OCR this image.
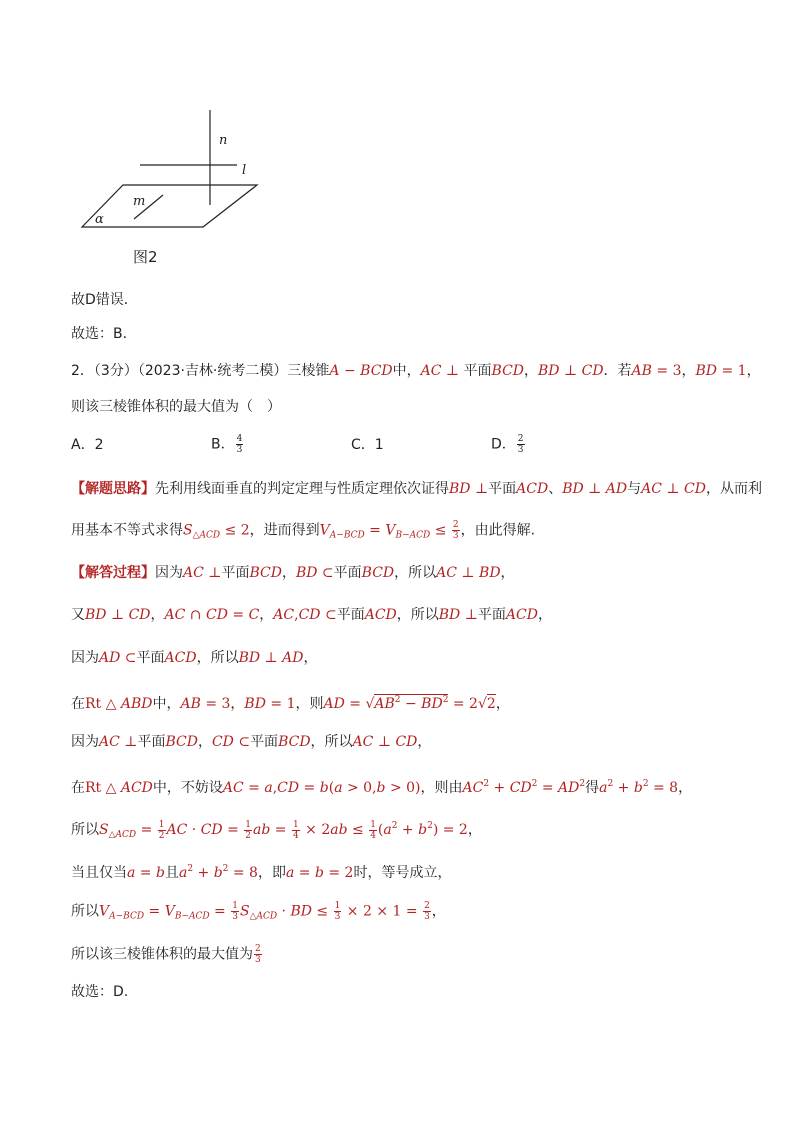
n
l
m
α
图2
故D错误．
故选：B．
2．（3分）（2023·吉林·统考二模）三棱锥A − BCD中，AC ⊥ 平面BCD，BD ⊥ CD．若AB = 3，BD = 1，
则该三棱锥体积的最大值为（　）
A．2	B． $\frac{4}{3}$	C．1	D． $\frac{2}{3}$
【解题思路】先利用线面垂直的判定定理与性质定理依次证得BD ⊥平面ACD、BD ⊥ AD与AC ⊥ CD，从而利
用基本不等式求得$S_{\triangle ACD} \le 2$，进而得到$V_{A-BCD} = V_{B-ACD} \le \frac{2}{3}$ ，由此得解.
【解答过程】因为AC ⊥平面BCD，BD ⊂平面BCD，所以AC ⊥ BD，
又BD ⊥ CD，AC ∩ CD = C，AC,CD ⊂平面ACD，所以BD ⊥平面ACD，
因为AD ⊂平面ACD，所以BD ⊥ AD，
在Rt △ ABD中，AB = 3，BD = 1，则AD = $√AB^2 - BD^2 = 2√2$，
因为AC ⊥平面BCD，CD ⊂平面BCD，所以AC ⊥ CD，
在Rt △ ACD中，不妨设AC = a,CD = b(a > 0,b > 0)，则由$AC^2 + CD^2 = AD^2$得$a^2 + b^2 = 8$，
所以$S_{\triangle ACD} = \frac{1}{2}$ AC · CD = $\frac{1}{2}$ ab = $\frac{1}{4} \times 2ab \le \frac{1}{4} (a^2 + b^2) = 2$，
当且仅当a = b且$a^2 + b^2 = 8$，即a = b = 2时，等号成立，
所以$V_{A-BCD} = V_{B-ACD} = \frac{1}{3} S_{\triangle ACD}$ · BD ≤ $\frac{1}{3} \times 2 \times 1 = \frac{2}{3}$ ，
所以该三棱锥体积的最大值为 $\frac{2}{3}$
故选：D.
